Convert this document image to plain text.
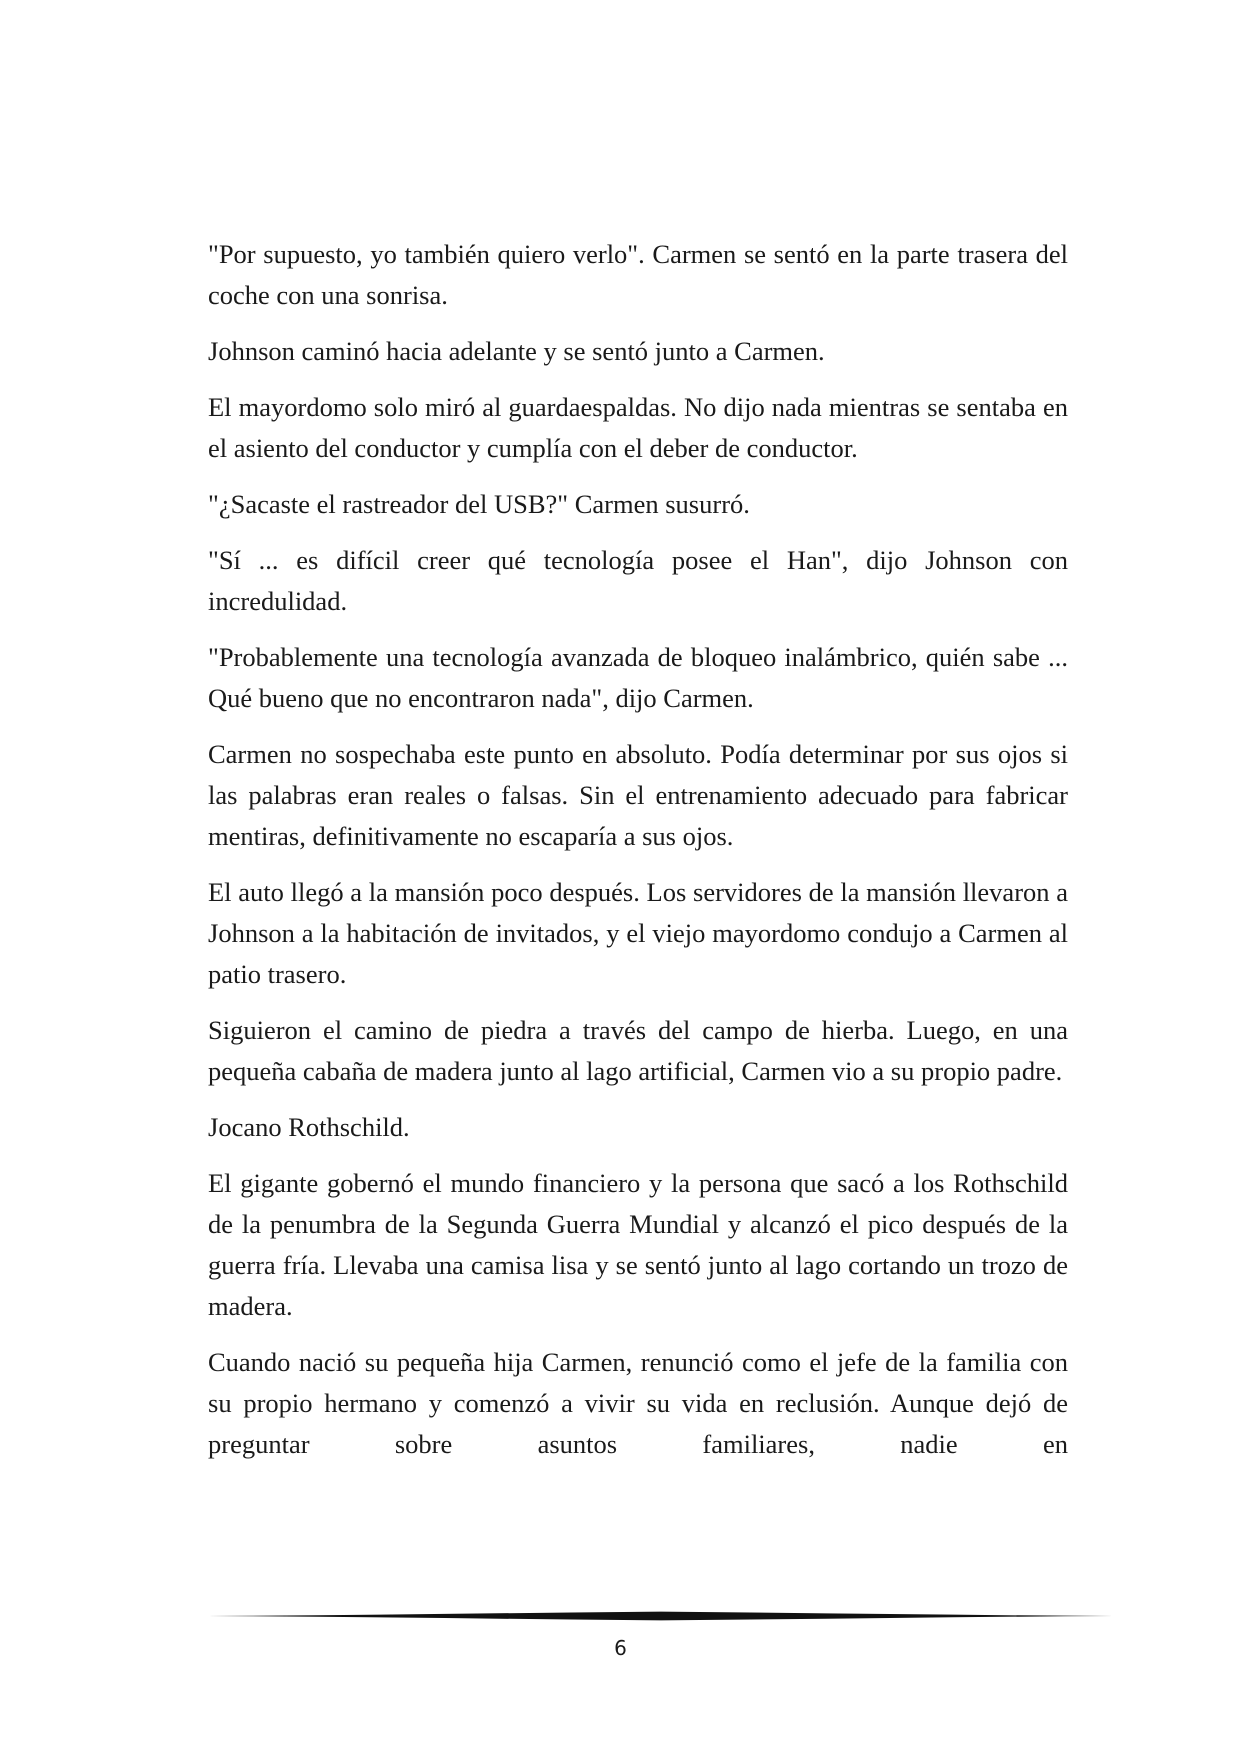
"Por supuesto, yo también quiero verlo". Carmen se sentó en la parte trasera del coche con una sonrisa.

Johnson caminó hacia adelante y se sentó junto a Carmen.

El mayordomo solo miró al guardaespaldas. No dijo nada mientras se sentaba en el asiento del conductor y cumplía con el deber de conductor.

"¿Sacaste el rastreador del USB?" Carmen susurró.

"Sí ... es difícil creer qué tecnología posee el Han", dijo Johnson con incredulidad.

"Probablemente una tecnología avanzada de bloqueo inalámbrico, quién sabe ... Qué bueno que no encontraron nada", dijo Carmen.

Carmen no sospechaba este punto en absoluto. Podía determinar por sus ojos si las palabras eran reales o falsas. Sin el entrenamiento adecuado para fabricar mentiras, definitivamente no escaparía a sus ojos.

El auto llegó a la mansión poco después. Los servidores de la mansión llevaron a Johnson a la habitación de invitados, y el viejo mayordomo condujo a Carmen al patio trasero.

Siguieron el camino de piedra a través del campo de hierba. Luego, en una pequeña cabaña de madera junto al lago artificial, Carmen vio a su propio padre.

Jocano Rothschild.

El gigante gobernó el mundo financiero y la persona que sacó a los Rothschild de la penumbra de la Segunda Guerra Mundial y alcanzó el pico después de la guerra fría. Llevaba una camisa lisa y se sentó junto al lago cortando un trozo de madera.

Cuando nació su pequeña hija Carmen, renunció como el jefe de la familia con su propio hermano y comenzó a vivir su vida en reclusión. Aunque dejó de preguntar sobre asuntos familiares, nadie en

6
